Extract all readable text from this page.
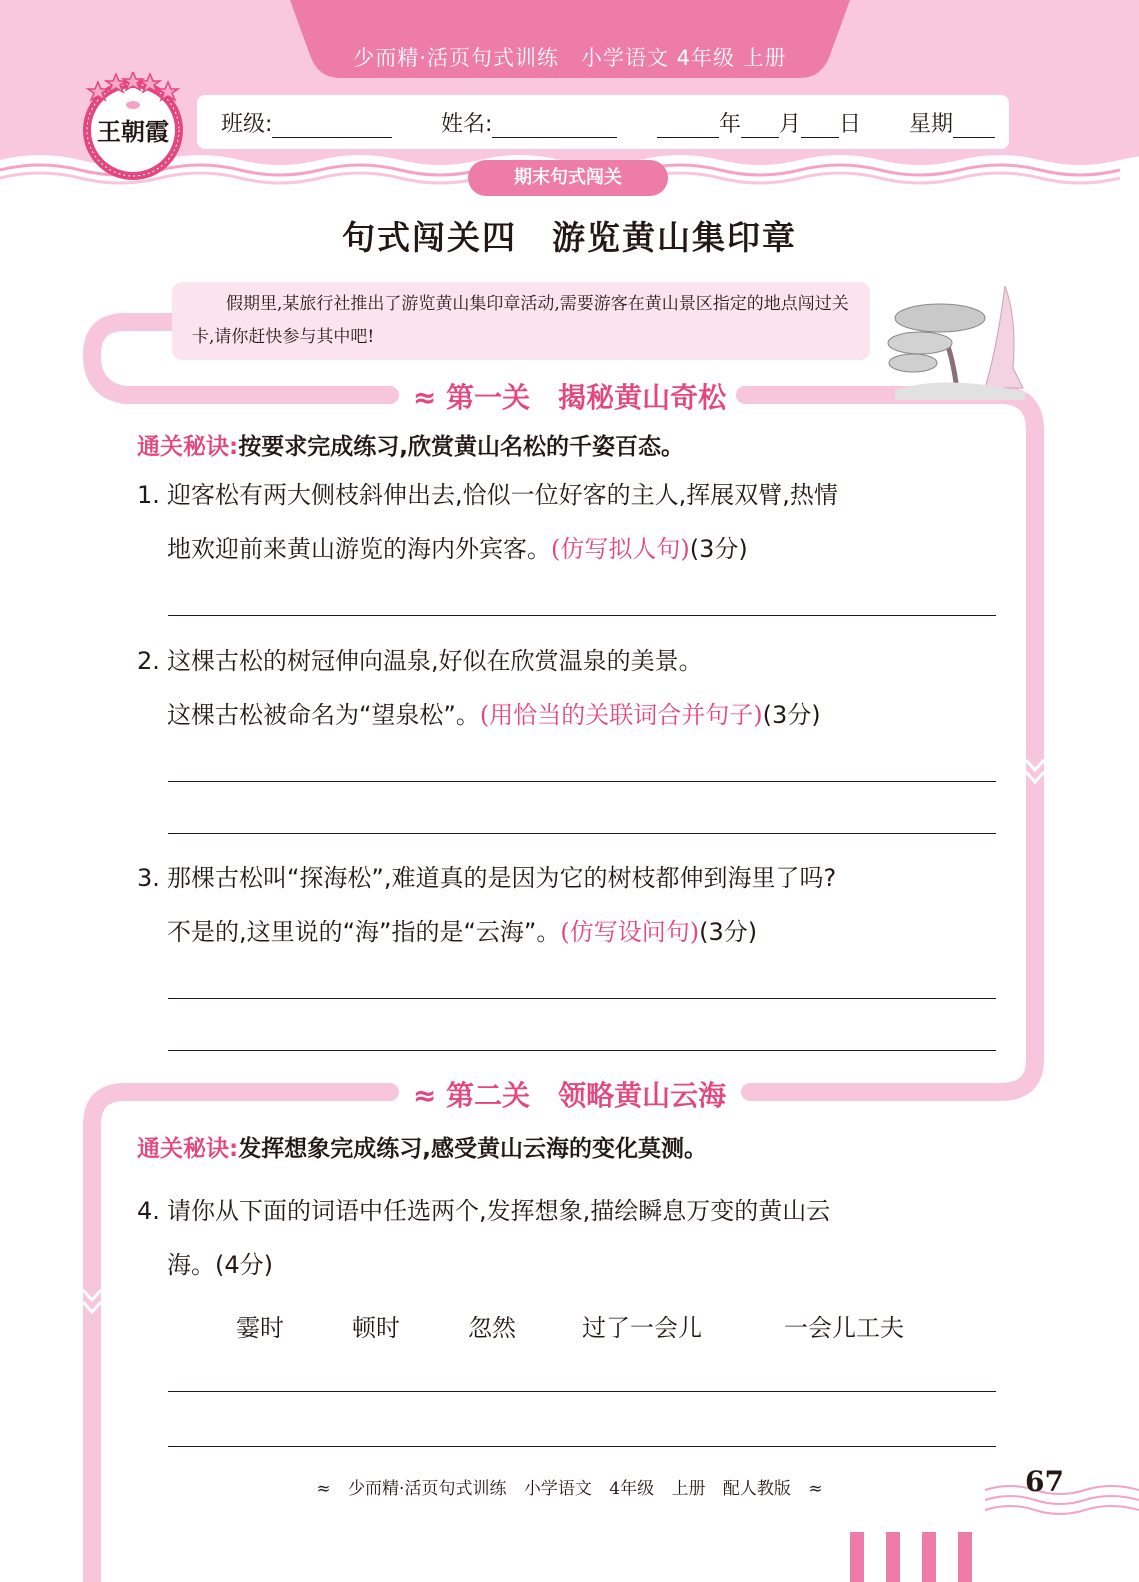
少而精·活页句式训练　小学语文 4年级 上册
王朝霞 班级:	姓名:	年 月 日 星期
期末句式闯关
句式闯关四　游览黄山集印章
假期里,某旅行社推出了游览黄山集印章活动,需要游客在黄山景区指定的地点闯过关卡,请你赶快参与其中吧!
≈ 第一关　揭秘黄山奇松
通关秘诀:按要求完成练习,欣赏黄山名松的千姿百态。
1. 迎客松有两大侧枝斜伸出去,恰似一位好客的主人,挥展双臂,热情
地欢迎前来黄山游览的海内外宾客。(仿写拟人句)(3分)
2. 这棵古松的树冠伸向温泉,好似在欣赏温泉的美景。
这棵古松被命名为“望泉松”。(用恰当的关联词合并句子)(3分)
3. 那棵古松叫“探海松”,难道真的是因为它的树枝都伸到海里了吗?
不是的,这里说的“海”指的是“云海”。(仿写设问句)(3分)
≈ 第二关　领略黄山云海
通关秘诀:发挥想象完成练习,感受黄山云海的变化莫测。
4. 请你从下面的词语中任选两个,发挥想象,描绘瞬息万变的黄山云
海。(4分)
霎时	顿时	忽然	过了一会儿	一会儿工夫
≈ 少而精·活页句式训练 小学语文 4年级 上册 配人教版 ≈	67
